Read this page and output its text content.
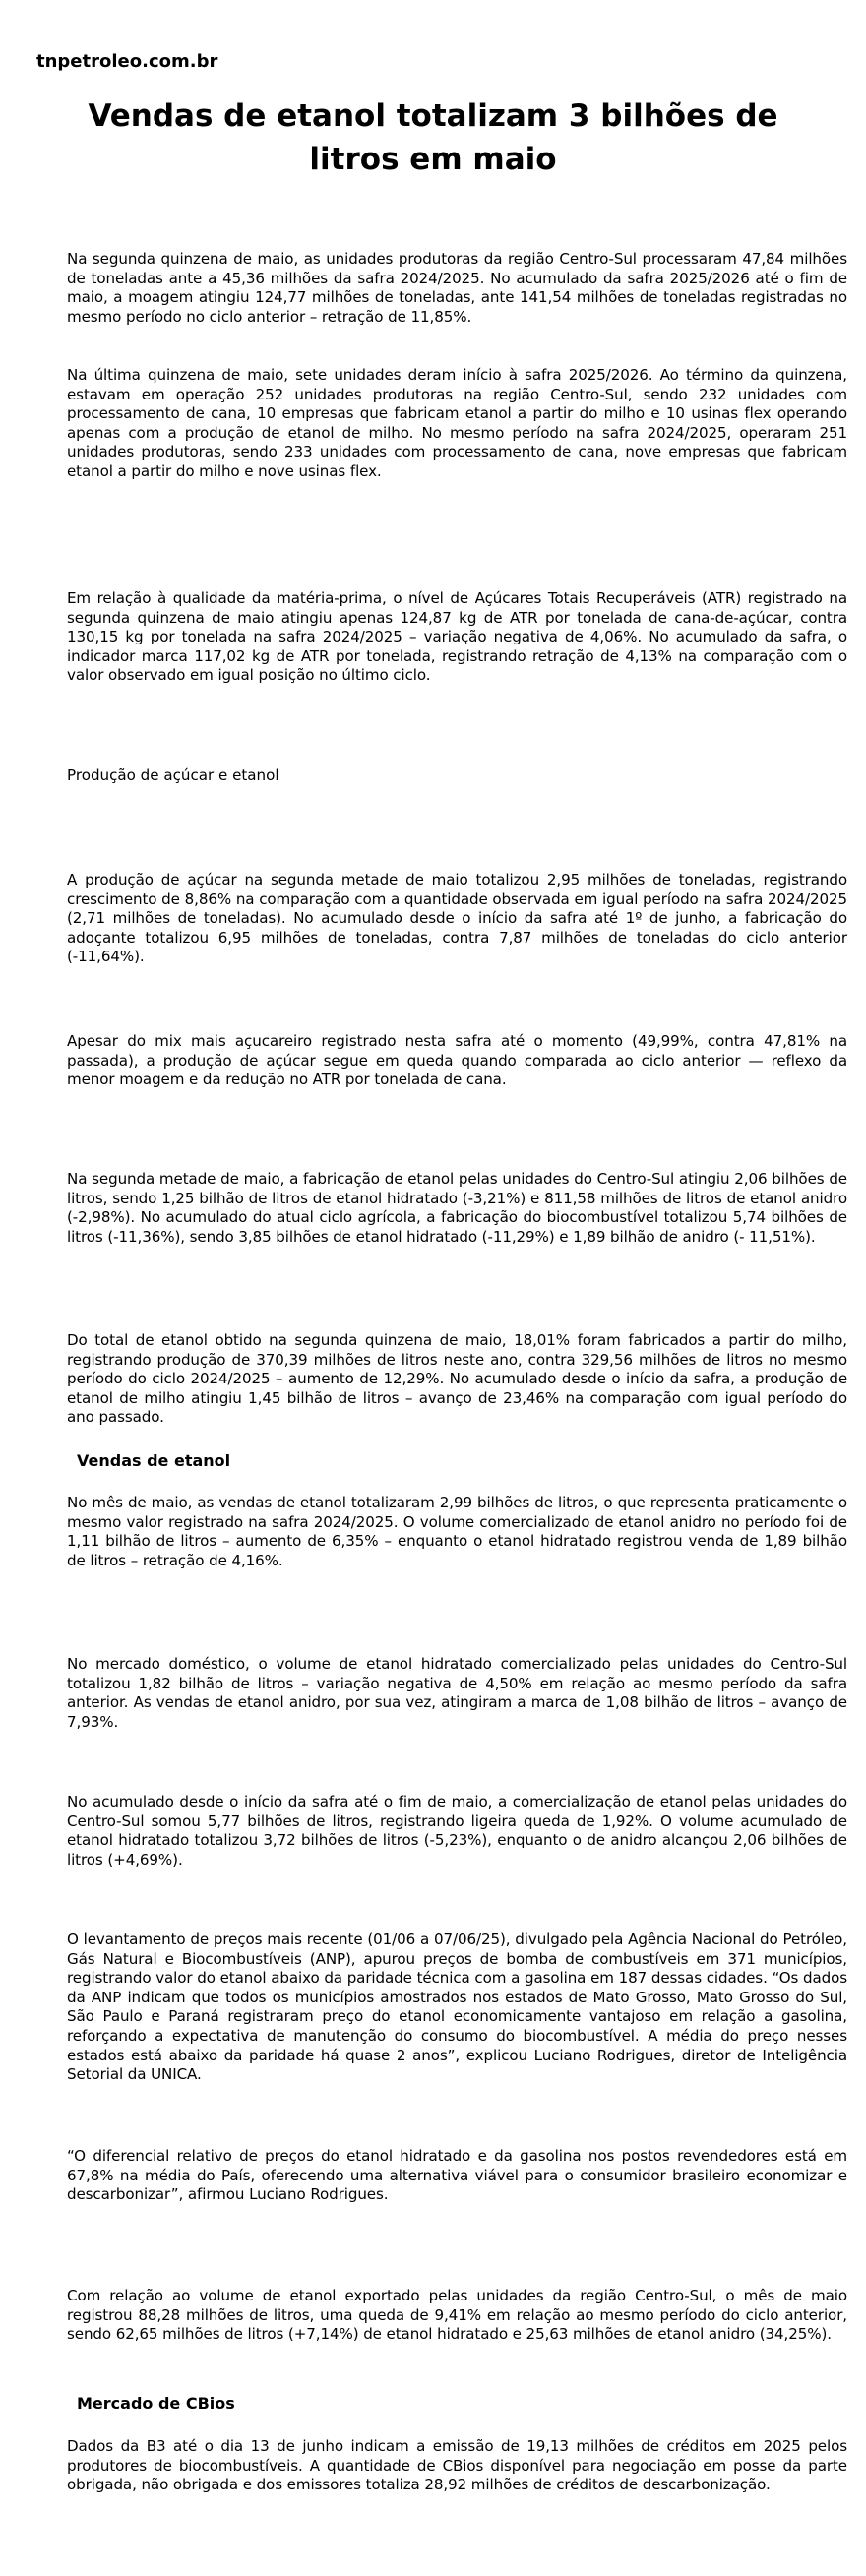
tnpetroleo.com.br
Vendas de etanol totalizam 3 bilhões de litros em maio

Na segunda quinzena de maio, as unidades produtoras da região Centro-Sul processaram 47,84 milhões de toneladas ante a 45,36 milhões da safra 2024/2025. No acumulado da safra 2025/2026 até o fim de maio, a moagem atingiu 124,77 milhões de toneladas, ante 141,54 milhões de toneladas registradas no mesmo período no ciclo anterior – retração de 11,85%.

Na última quinzena de maio, sete unidades deram início à safra 2025/2026. Ao término da quinzena, estavam em operação 252 unidades produtoras na região Centro-Sul, sendo 232 unidades com processamento de cana, 10 empresas que fabricam etanol a partir do milho e 10 usinas flex operando apenas com a produção de etanol de milho. No mesmo período na safra 2024/2025, operaram 251 unidades produtoras, sendo 233 unidades com processamento de cana, nove empresas que fabricam etanol a partir do milho e nove usinas flex.

Em relação à qualidade da matéria-prima, o nível de Açúcares Totais Recuperáveis (ATR) registrado na segunda quinzena de maio atingiu apenas 124,87 kg de ATR por tonelada de cana-de-açúcar, contra 130,15 kg por tonelada na safra 2024/2025 – variação negativa de 4,06%. No acumulado da safra, o indicador marca 117,02 kg de ATR por tonelada, registrando retração de 4,13% na comparação com o valor observado em igual posição no último ciclo.

Produção de açúcar e etanol

A produção de açúcar na segunda metade de maio totalizou 2,95 milhões de toneladas, registrando crescimento de 8,86% na comparação com a quantidade observada em igual período na safra 2024/2025 (2,71 milhões de toneladas). No acumulado desde o início da safra até 1º de junho, a fabricação do adoçante totalizou 6,95 milhões de toneladas, contra 7,87 milhões de toneladas do ciclo anterior (-11,64%).

Apesar do mix mais açucareiro registrado nesta safra até o momento (49,99%, contra 47,81% na passada), a produção de açúcar segue em queda quando comparada ao ciclo anterior — reflexo da menor moagem e da redução no ATR por tonelada de cana.

Na segunda metade de maio, a fabricação de etanol pelas unidades do Centro-Sul atingiu 2,06 bilhões de litros, sendo 1,25 bilhão de litros de etanol hidratado (-3,21%) e 811,58 milhões de litros de etanol anidro (-2,98%). No acumulado do atual ciclo agrícola, a fabricação do biocombustível totalizou 5,74 bilhões de litros (-11,36%), sendo 3,85 bilhões de etanol hidratado (-11,29%) e 1,89 bilhão de anidro (- 11,51%).

Do total de etanol obtido na segunda quinzena de maio, 18,01% foram fabricados a partir do milho, registrando produção de 370,39 milhões de litros neste ano, contra 329,56 milhões de litros no mesmo período do ciclo 2024/2025 – aumento de 12,29%. No acumulado desde o início da safra, a produção de etanol de milho atingiu 1,45 bilhão de litros – avanço de 23,46% na comparação com igual período do ano passado.

Vendas de etanol

No mês de maio, as vendas de etanol totalizaram 2,99 bilhões de litros, o que representa praticamente o mesmo valor registrado na safra 2024/2025. O volume comercializado de etanol anidro no período foi de 1,11 bilhão de litros – aumento de 6,35% – enquanto o etanol hidratado registrou venda de 1,89 bilhão de litros – retração de 4,16%.

No mercado doméstico, o volume de etanol hidratado comercializado pelas unidades do Centro-Sul totalizou 1,82 bilhão de litros – variação negativa de 4,50% em relação ao mesmo período da safra anterior. As vendas de etanol anidro, por sua vez, atingiram a marca de 1,08 bilhão de litros – avanço de 7,93%.

No acumulado desde o início da safra até o fim de maio, a comercialização de etanol pelas unidades do Centro-Sul somou 5,77 bilhões de litros, registrando ligeira queda de 1,92%. O volume acumulado de etanol hidratado totalizou 3,72 bilhões de litros (-5,23%), enquanto o de anidro alcançou 2,06 bilhões de litros (+4,69%).

O levantamento de preços mais recente (01/06 a 07/06/25), divulgado pela Agência Nacional do Petróleo, Gás Natural e Biocombustíveis (ANP), apurou preços de bomba de combustíveis em 371 municípios, registrando valor do etanol abaixo da paridade técnica com a gasolina em 187 dessas cidades. “Os dados da ANP indicam que todos os municípios amostrados nos estados de Mato Grosso, Mato Grosso do Sul, São Paulo e Paraná registraram preço do etanol economicamente vantajoso em relação a gasolina, reforçando a expectativa de manutenção do consumo do biocombustível. A média do preço nesses estados está abaixo da paridade há quase 2 anos”, explicou Luciano Rodrigues, diretor de Inteligência Setorial da UNICA.

“O diferencial relativo de preços do etanol hidratado e da gasolina nos postos revendedores está em 67,8% na média do País, oferecendo uma alternativa viável para o consumidor brasileiro economizar e descarbonizar”, afirmou Luciano Rodrigues.

Com relação ao volume de etanol exportado pelas unidades da região Centro-Sul, o mês de maio registrou 88,28 milhões de litros, uma queda de 9,41% em relação ao mesmo período do ciclo anterior, sendo 62,65 milhões de litros (+7,14%) de etanol hidratado e 25,63 milhões de etanol anidro (34,25%).

Mercado de CBios

Dados da B3 até o dia 13 de junho indicam a emissão de 19,13 milhões de créditos em 2025 pelos produtores de biocombustíveis. A quantidade de CBios disponível para negociação em posse da parte obrigada, não obrigada e dos emissores totaliza 28,92 milhões de créditos de descarbonização.
